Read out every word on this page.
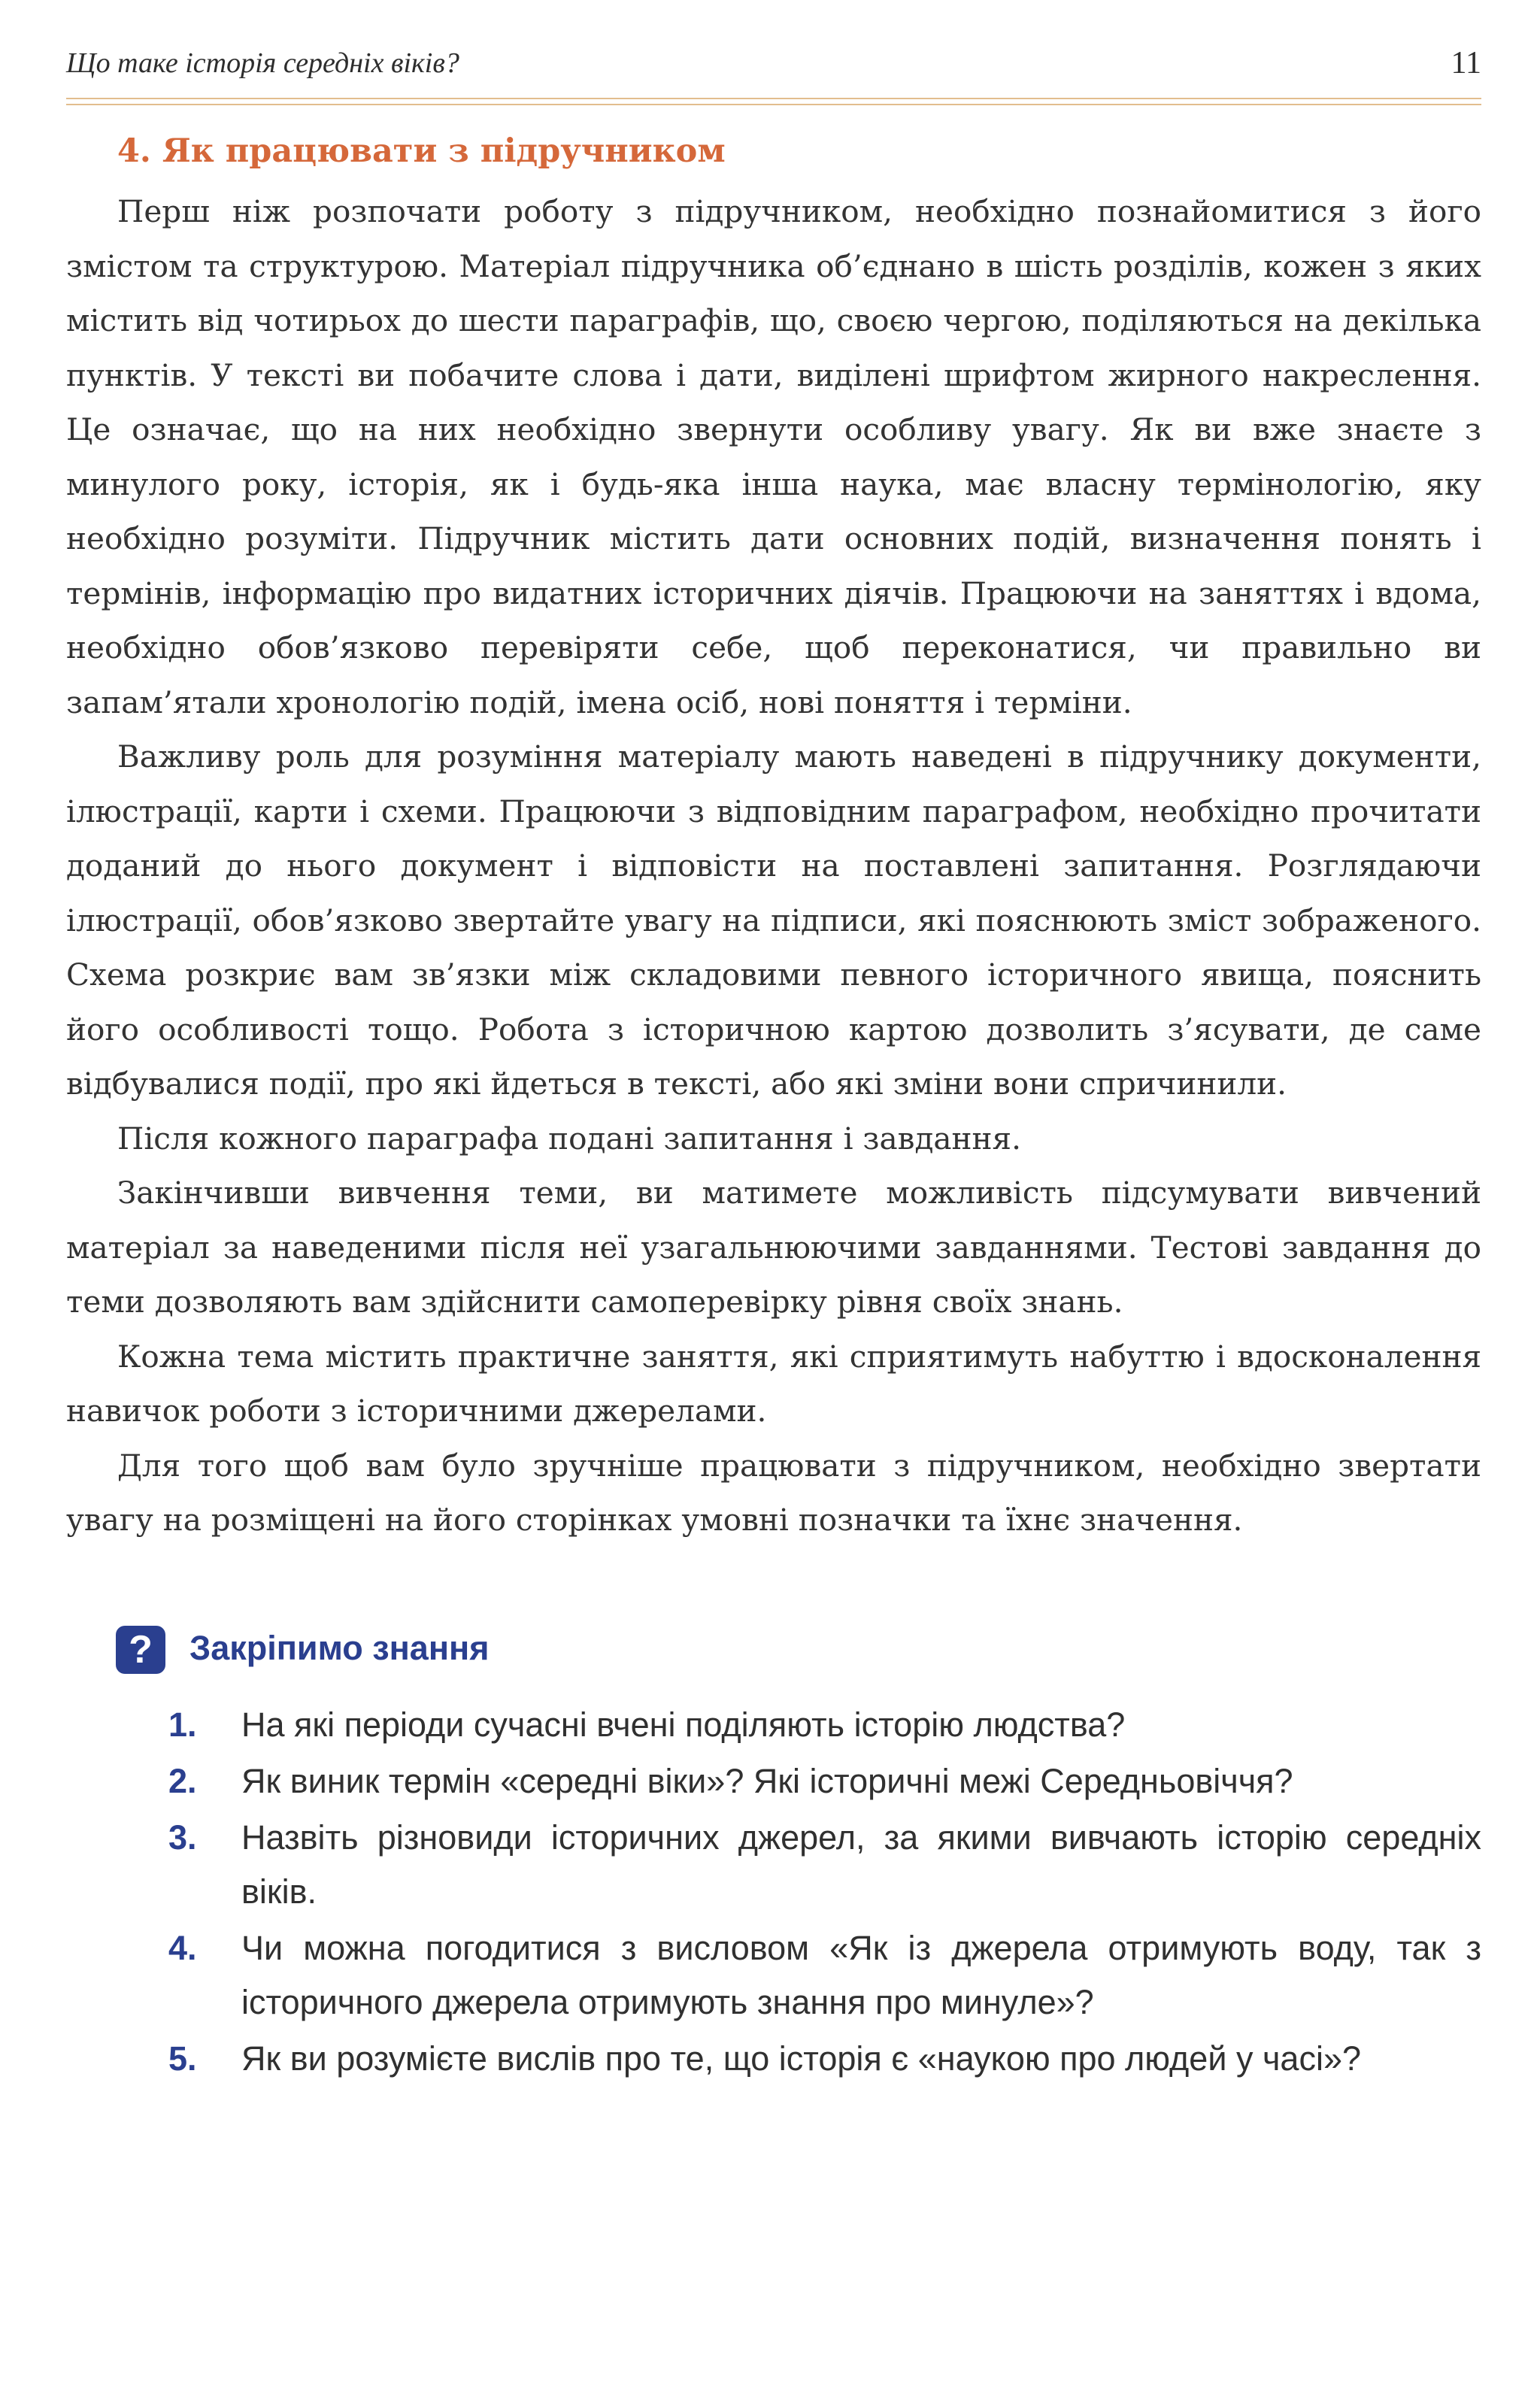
Що таке історія середніх віків?	11
4. Як працювати з підручником

Перш ніж розпочати роботу з підручником, необхідно познайомитися з його змістом та структурою. Матеріал підручника об’єднано в шість розділів, кожен з яких містить від чотирьох до шести параграфів, що, своєю чергою, поділяються на декілька пунктів. У тексті ви побачите слова і дати, виділені шрифтом жирного накреслення. Це означає, що на них необхідно звернути особливу увагу. Як ви вже знаєте з минулого року, історія, як і будь-яка інша наука, має власну термінологію, яку необхідно розуміти. Підручник містить дати основних подій, визначення понять і термінів, інформацію про видатних історичних діячів. Працюючи на заняттях і вдома, необхідно обов’язково перевіряти себе, щоб переконатися, чи правильно ви запам’ятали хронологію подій, імена осіб, нові поняття і терміни.

Важливу роль для розуміння матеріалу мають наведені в підручнику документи, ілюстрації, карти і схеми. Працюючи з відповідним параграфом, необхідно прочитати доданий до нього документ і відповісти на поставлені запитання. Розглядаючи ілюстрації, обов’язково звертайте увагу на підписи, які пояснюють зміст зображеного. Схема розкриє вам зв’язки між складовими певного історичного явища, пояснить його особливості тощо. Робота з історичною картою дозволить з’ясувати, де саме відбувалися події, про які йдеться в тексті, або які зміни вони спричинили.

Після кожного параграфа подані запитання і завдання.

Закінчивши вивчення теми, ви матимете можливість підсумувати вивчений матеріал за наведеними після неї узагальнюючими завданнями. Тестові завдання до теми дозволяють вам здійснити самоперевірку рівня своїх знань.

Кожна тема містить практичне заняття, які сприятимуть набуттю і вдосконалення навичок роботи з історичними джерелами.

Для того щоб вам було зручніше працювати з підручником, необхідно звертати увагу на розміщені на його сторінках умовні позначки та їхнє значення.

?	Закріпимо знання
1. На які періоди сучасні вчені поділяють історію людства?
2. Як виник термін «середні віки»? Які історичні межі Середньовіччя?
3. Назвіть різновиди історичних джерел, за якими вивчають історію середніх віків.
4. Чи можна погодитися з висловом «Як із джерела отримують воду, так з історичного джерела отримують знання про минуле»?
5. Як ви розумієте вислів про те, що історія є «наукою про людей у часі»?
